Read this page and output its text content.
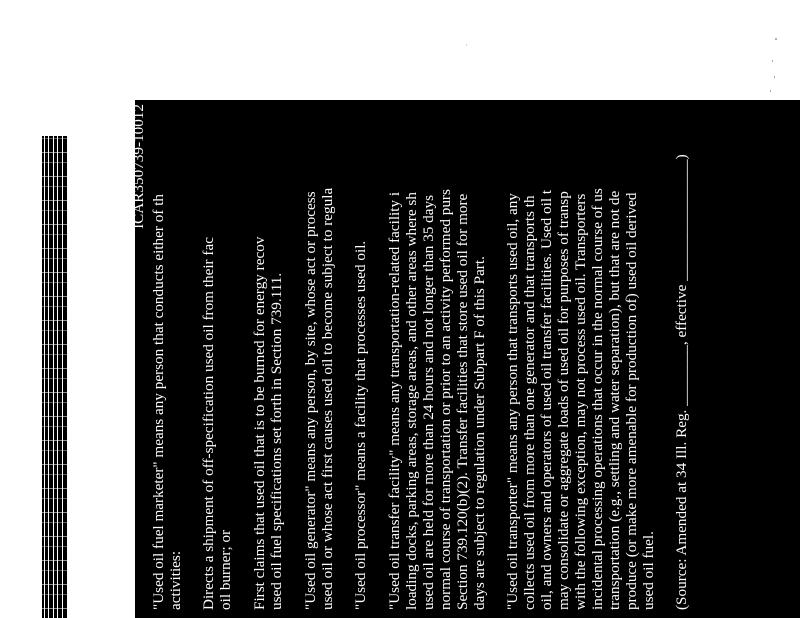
ICAR350739-10012

"Used oil fuel marketer" means any person that conducts either of th activities: Directs a shipment of off-specification used oil from their fac oil burner; or First claims that used oil that is to be burned for energy recov used oil fuel specifications set forth in Section 739.111. "Used oil generator" means any person, by site, whose act or process used oil or whose act first causes used oil to become subject to regula "Used oil processor" means a facility that processes used oil. "Used oil transfer facility" means any transportation-related facility i loading docks, parking areas, storage areas, and other areas where sh used oil are held for more than 24 hours and not longer than 35 days normal course of transportation or prior to an activity performed purs Section 739.120(b)(2). Transfer facilities that store used oil for more days are subject to regulation under Subpart F of this Part. "Used oil transporter" means any person that transports used oil, any collects used oil from more than one generator and that transports th oil, and owners and operators of used oil transfer facilities. Used oil t may consolidate or aggregate loads of used oil for purposes of transp with the following exception, may not process used oil. Transporters incidental processing operations that occur in the normal course of us transportation (e.g., settling and water separation), but that are not de produce (or make more amenable for production of) used oil derived used oil fuel. (Source: Amended at 34 Ill. Reg. ________, effective ________________)
